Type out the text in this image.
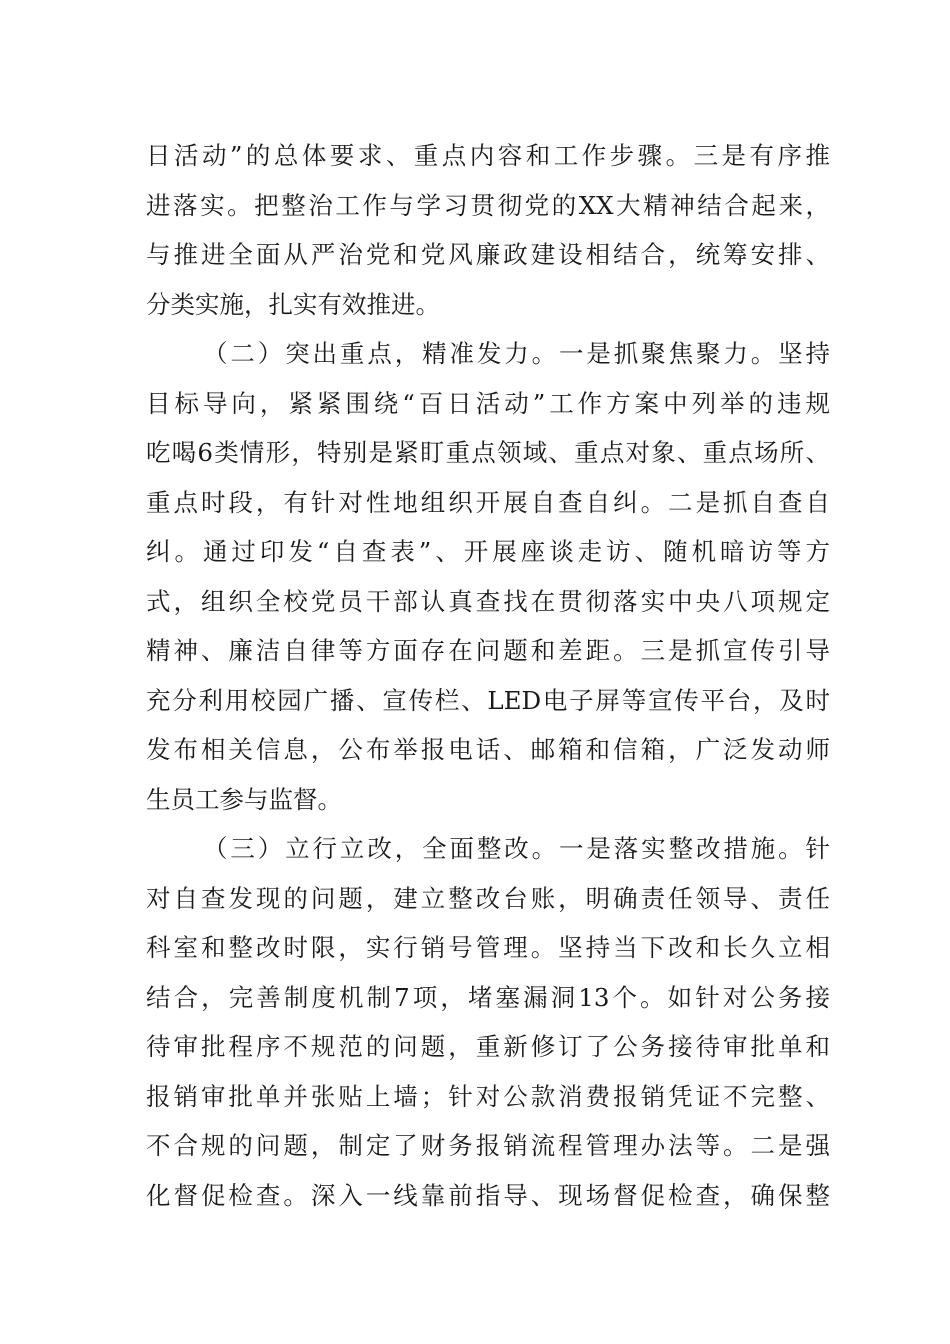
日活动”的总体要求、重点内容和工作步骤。三是有序推
进落实。把整治工作与学习贯彻党的XX大精神结合起来，
与推进全面从严治党和党风廉政建设相结合，统筹安排、
分类实施，扎实有效推进。
（二）突出重点，精准发力。一是抓聚焦聚力。坚持
目标导向，紧紧围绕“百日活动”工作方案中列举的违规
吃喝6类情形，特别是紧盯重点领域、重点对象、重点场所、
重点时段，有针对性地组织开展自查自纠。二是抓自查自
纠。通过印发“自查表”、开展座谈走访、随机暗访等方
式，组织全校党员干部认真查找在贯彻落实中央八项规定
精神、廉洁自律等方面存在问题和差距。三是抓宣传引导
充分利用校园广播、宣传栏、LED电子屏等宣传平台，及时
发布相关信息，公布举报电话、邮箱和信箱，广泛发动师
生员工参与监督。
（三）立行立改，全面整改。一是落实整改措施。针
对自查发现的问题，建立整改台账，明确责任领导、责任
科室和整改时限，实行销号管理。坚持当下改和长久立相
结合，完善制度机制7项，堵塞漏洞13个。如针对公务接
待审批程序不规范的问题，重新修订了公务接待审批单和
报销审批单并张贴上墙；针对公款消费报销凭证不完整、
不合规的问题，制定了财务报销流程管理办法等。二是强
化督促检查。深入一线靠前指导、现场督促检查，确保整
